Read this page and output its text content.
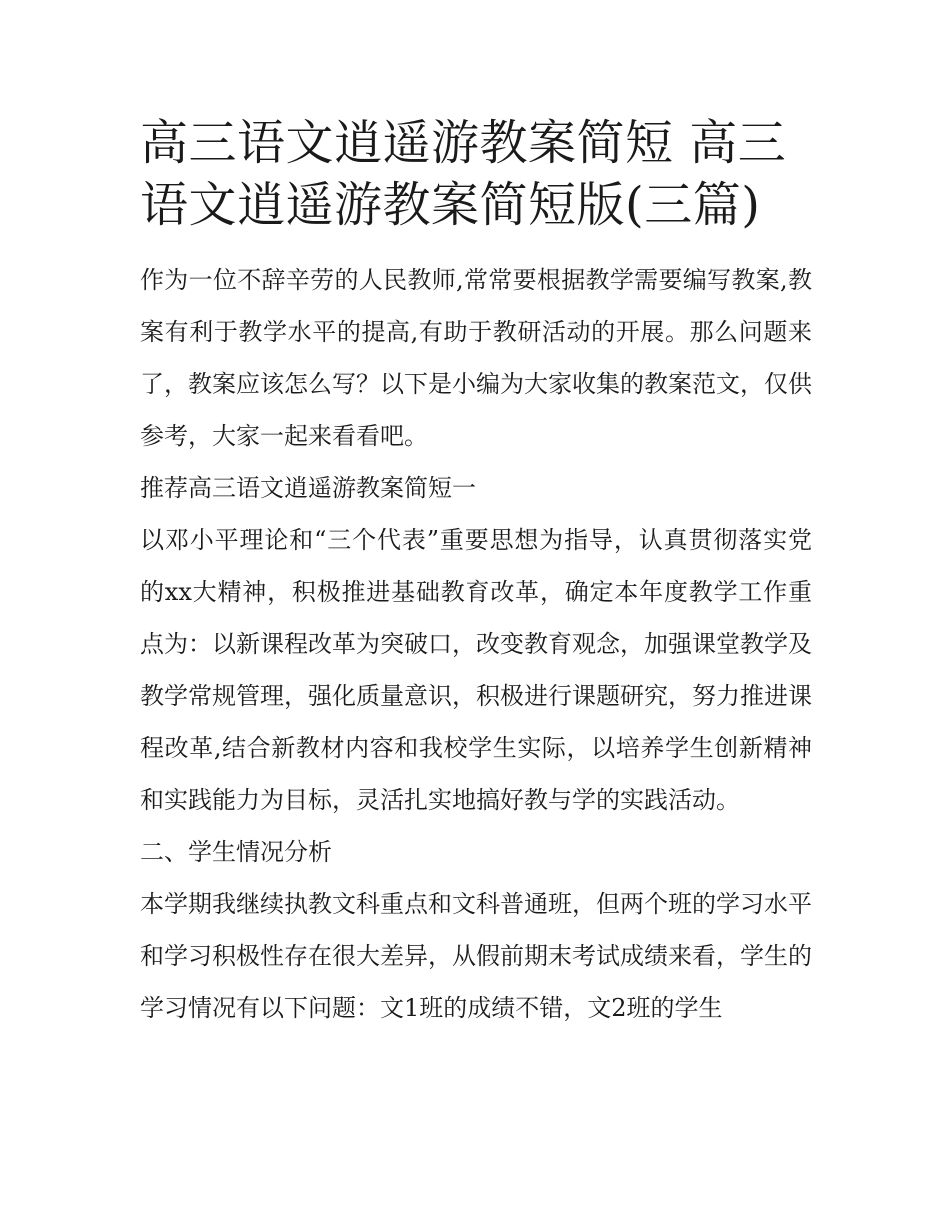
高三语文逍遥游教案简短 高三语文逍遥游教案简短版(三篇)

作为一位不辞辛劳的人民教师,常常要根据教学需要编写教案,教案有利于教学水平的提高,有助于教研活动的开展。那么问题来了，教案应该怎么写？以下是小编为大家收集的教案范文，仅供参考，大家一起来看看吧。

推荐高三语文逍遥游教案简短一

以邓小平理论和“三个代表”重要思想为指导，认真贯彻落实党的xx大精神，积极推进基础教育改革，确定本年度教学工作重点为：以新课程改革为突破口，改变教育观念，加强课堂教学及教学常规管理，强化质量意识，积极进行课题研究，努力推进课程改革,结合新教材内容和我校学生实际，以培养学生创新精神和实践能力为目标，灵活扎实地搞好教与学的实践活动。

二、学生情况分析

本学期我继续执教文科重点和文科普通班，但两个班的学习水平和学习积极性存在很大差异，从假前期末考试成绩来看，学生的学习情况有以下问题：文1班的成绩不错，文2班的学生
